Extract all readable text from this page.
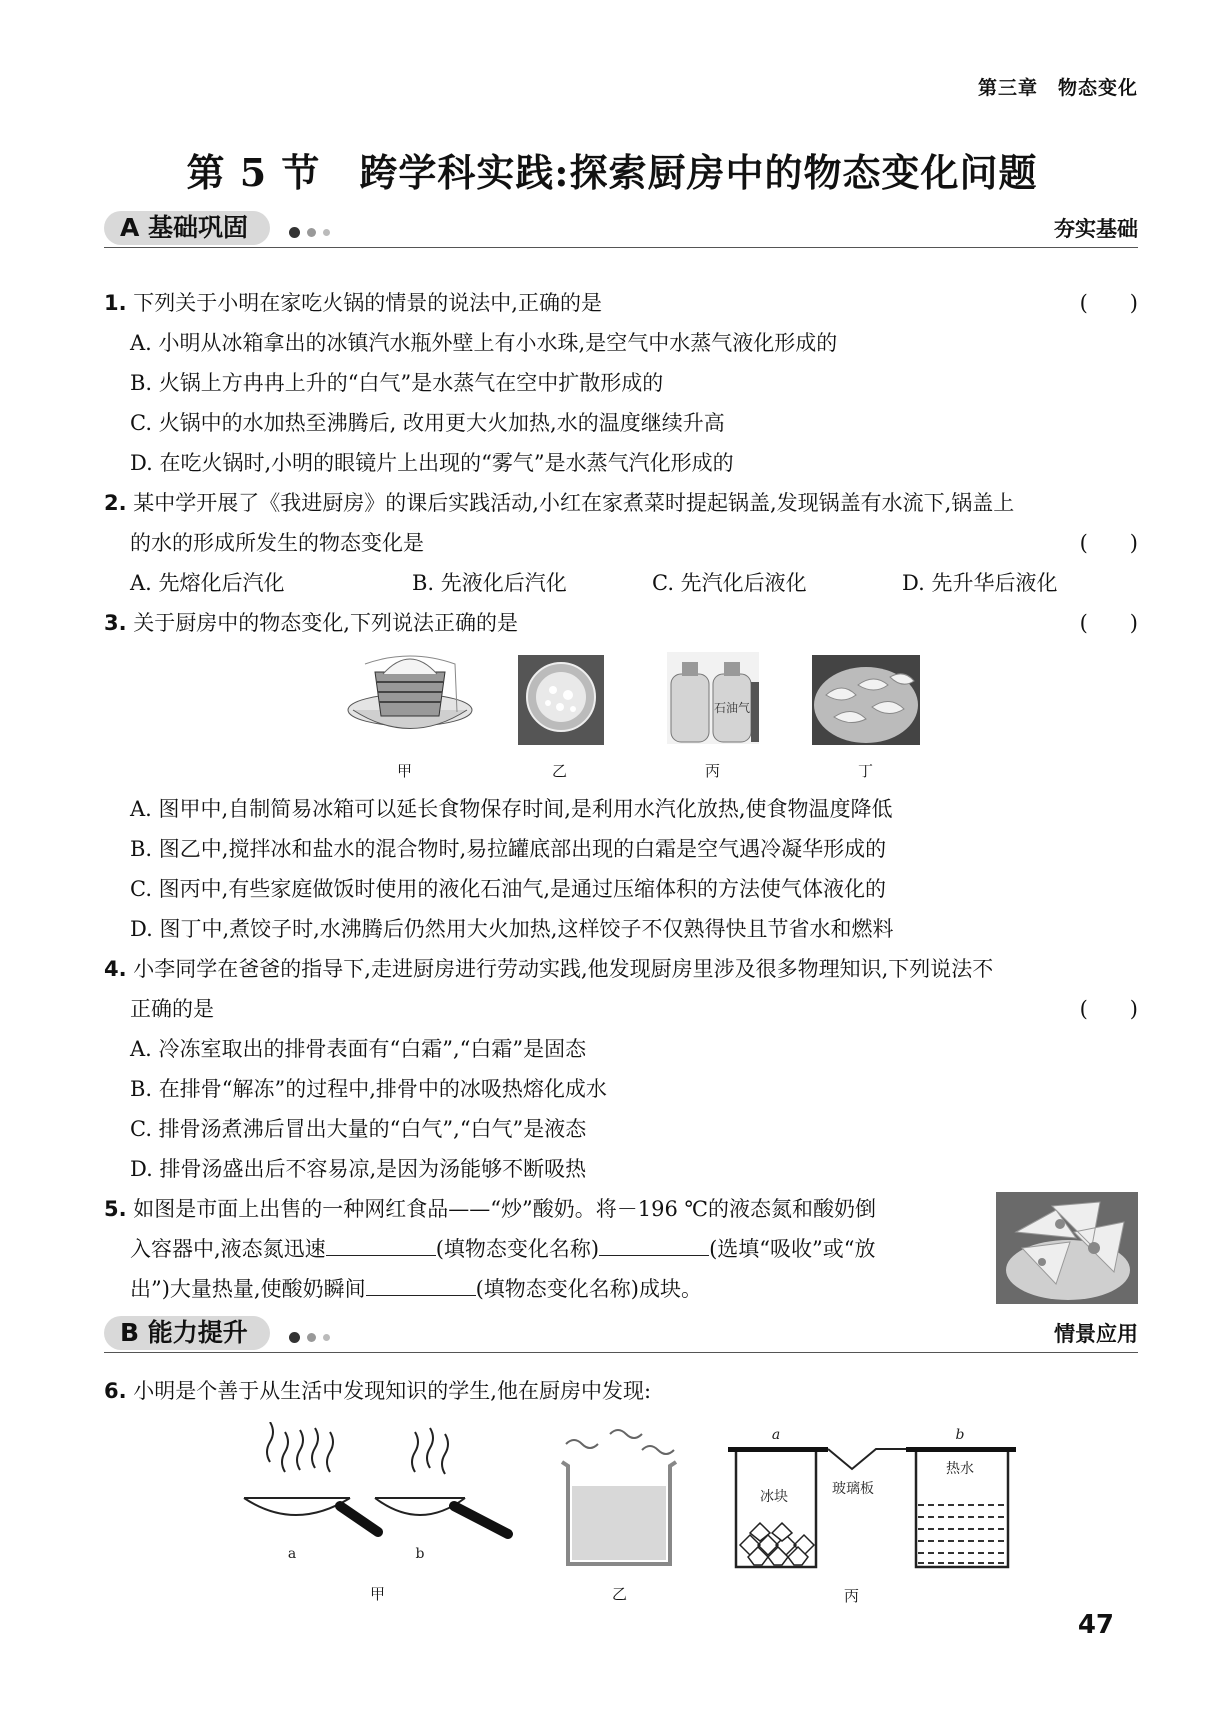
第三章　物态变化
第 5 节　跨学科实践:探索厨房中的物态变化问题
A 基础巩固	夯实基础
1. 下列关于小明在家吃火锅的情景的说法中,正确的是	(　　)
A. 小明从冰箱拿出的冰镇汽水瓶外壁上有小水珠,是空气中水蒸气液化形成的
B. 火锅上方冉冉上升的“白气”是水蒸气在空中扩散形成的
C. 火锅中的水加热至沸腾后, 改用更大火加热,水的温度继续升高
D. 在吃火锅时,小明的眼镜片上出现的“雾气”是水蒸气汽化形成的
2. 某中学开展了《我进厨房》的课后实践活动,小红在家煮菜时提起锅盖,发现锅盖有水流下,锅盖上
的水的形成所发生的物态变化是	(　　)
A. 先熔化后汽化	B. 先液化后汽化	C. 先汽化后液化	D. 先升华后液化
3. 关于厨房中的物态变化,下列说法正确的是	(　　)
石油气
甲	乙	丙	丁
A. 图甲中,自制简易冰箱可以延长食物保存时间,是利用水汽化放热,使食物温度降低
B. 图乙中,搅拌冰和盐水的混合物时,易拉罐底部出现的白霜是空气遇冷凝华形成的
C. 图丙中,有些家庭做饭时使用的液化石油气,是通过压缩体积的方法使气体液化的
D. 图丁中,煮饺子时,水沸腾后仍然用大火加热,这样饺子不仅熟得快且节省水和燃料
4. 小李同学在爸爸的指导下,走进厨房进行劳动实践,他发现厨房里涉及很多物理知识,下列说法不
正确的是	(　　)
A. 冷冻室取出的排骨表面有“白霜”,“白霜”是固态
B. 在排骨“解冻”的过程中,排骨中的冰吸热熔化成水
C. 排骨汤煮沸后冒出大量的“白气”,“白气”是液态
D. 排骨汤盛出后不容易凉,是因为汤能够不断吸热
5. 如图是市面上出售的一种网红食品——“炒”酸奶。将－196 ℃的液态氮和酸奶倒
入容器中,液态氮迅速	(填物态变化名称)	(选填“吸收”或“放
出”)大量热量,使酸奶瞬间	(填物态变化名称)成块。
B 能力提升	情景应用
6. 小明是个善于从生活中发现知识的学生,他在厨房中发现:
a	b
甲	乙
a	b
冰块	玻璃板
热水
丙
47
